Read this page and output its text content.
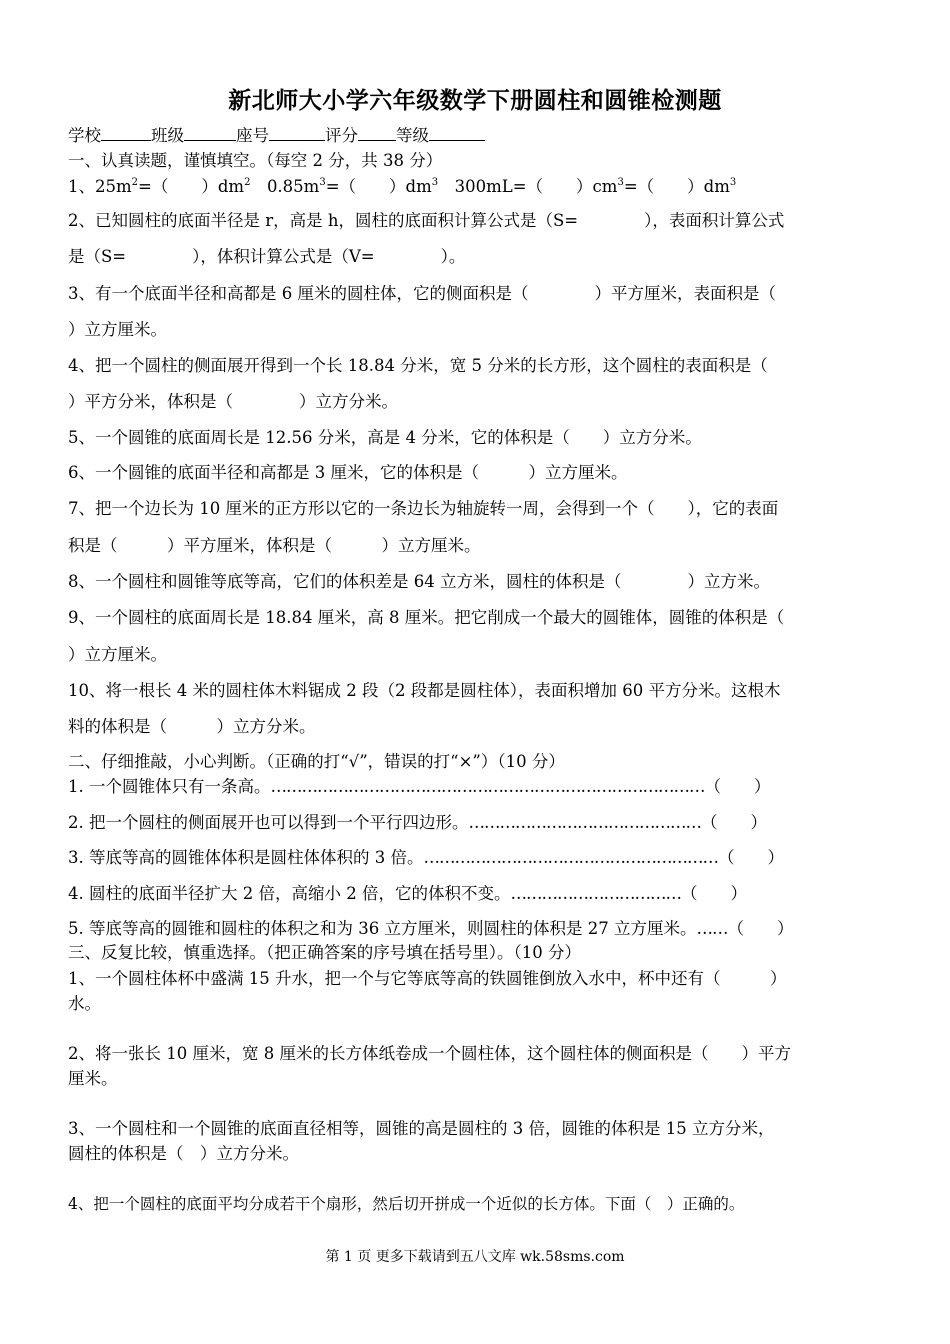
新北师大小学六年级数学下册圆柱和圆锥检测题
学校	班级	座号	评分 等级
一、认真读题，谨慎填空。（每空 2 分，共 38 分）
1、$25m^2=$（　　）$dm^2$　$0.85m^3=$（　　）$dm^3$　300mL=（　　）$cm^3=$（　　）$dm^3$
2、已知圆柱的底面半径是 r，高是 h，圆柱的底面积计算公式是（S=　　　　），表面积计算公式
是（S=　　　　），体积计算公式是（V=　　　　）。
3、有一个底面半径和高都是 6 厘米的圆柱体，它的侧面积是（　　　　）平方厘米，表面积是（
）立方厘米。
4、把一个圆柱的侧面展开得到一个长 18.84 分米，宽 5 分米的长方形，这个圆柱的表面积是（
）平方分米，体积是（　　　　）立方分米。
5、一个圆锥的底面周长是 12.56 分米，高是 4 分米，它的体积是（　　）立方分米。
6、一个圆锥的底面半径和高都是 3 厘米，它的体积是（　　　）立方厘米。
7、把一个边长为 10 厘米的正方形以它的一条边长为轴旋转一周，会得到一个（　　），它的表面
积是（　　　）平方厘米，体积是（　　　）立方厘米。
8、一个圆柱和圆锥等底等高，它们的体积差是 64 立方米，圆柱的体积是（　　　　）立方米。
9、一个圆柱的底面周长是 18.84 厘米，高 8 厘米。把它削成一个最大的圆锥体，圆锥的体积是（
）立方厘米。
10、将一根长 4 米的圆柱体木料锯成 2 段（2 段都是圆柱体），表面积增加 60 平方分米。这根木
料的体积是（　　　）立方分米。
二、仔细推敲，小心判断。（正确的打“√”，错误的打“×”）（10 分）
1. 一个圆锥体只有一条高。…………………………………………………………………………（　　）
2. 把一个圆柱的侧面展开也可以得到一个平行四边形。………………………………………（　　）
3. 等底等高的圆锥体体积是圆柱体体积的 3 倍。…………………………………………………（　　）
4. 圆柱的底面半径扩大 2 倍，高缩小 2 倍，它的体积不变。……………………………（　　）
5. 等底等高的圆锥和圆柱的体积之和为 36 立方厘米，则圆柱的体积是 27 立方厘米。……（　　）
三、反复比较，慎重选择。（把正确答案的序号填在括号里）。（10 分）
1、一个圆柱体杯中盛满 15 升水，把一个与它等底等高的铁圆锥倒放入水中，杯中还有（　　　）
水。
2、将一张长 10 厘米，宽 8 厘米的长方体纸卷成一个圆柱体，这个圆柱体的侧面积是（　　）平方
厘米。
3、一个圆柱和一个圆锥的底面直径相等，圆锥的高是圆柱的 3 倍，圆锥的体积是 15 立方分米，
圆柱的体积是（　）立方分米。
4、把一个圆柱的底面平均分成若干个扇形，然后切开拼成一个近似的长方体。下面（　）正确的。
第 1 页 更多下载请到五八文库 wk.58sms.com
